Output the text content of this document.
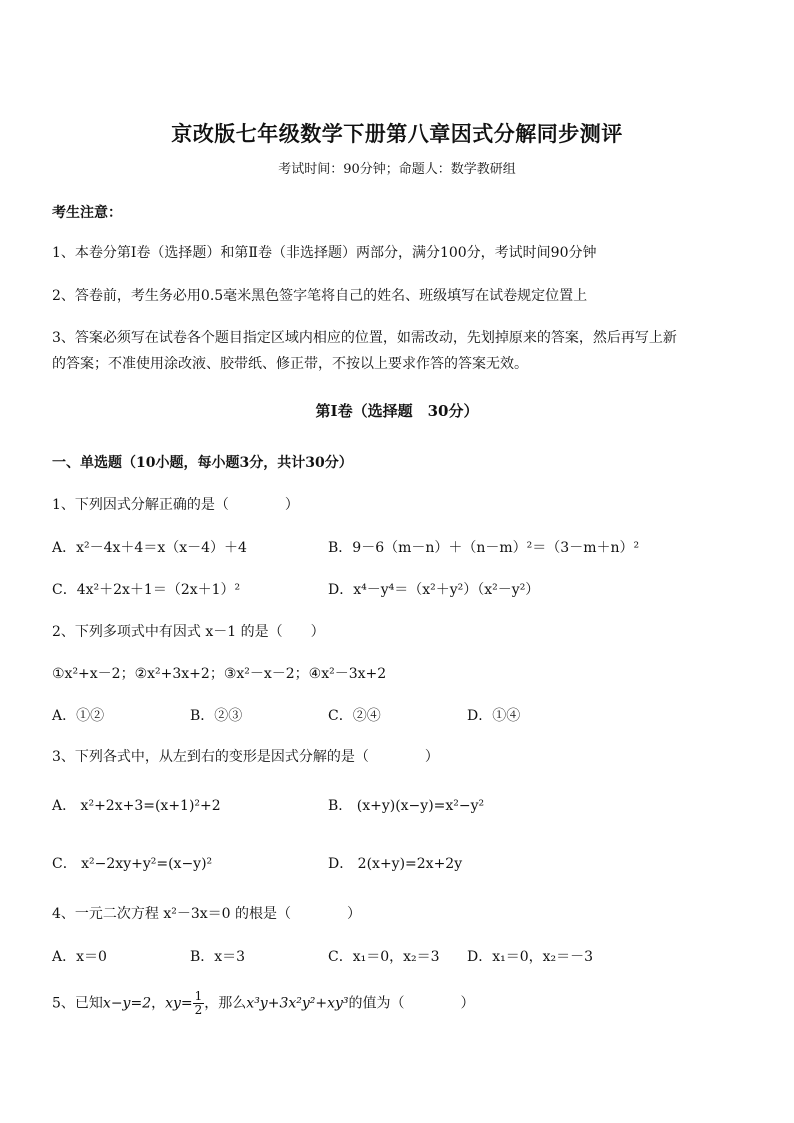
京改版七年级数学下册第八章因式分解同步测评
考试时间：90分钟；命题人：数学教研组
考生注意：
1、本卷分第Ⅰ卷（选择题）和第Ⅱ卷（非选择题）两部分，满分100分，考试时间90分钟
2、答卷前，考生务必用0.5毫米黑色签字笔将自己的姓名、班级填写在试卷规定位置上
3、答案必须写在试卷各个题目指定区域内相应的位置，如需改动，先划掉原来的答案，然后再写上新
的答案；不准使用涂改液、胶带纸、修正带，不按以上要求作答的答案无效。
第Ⅰ卷（选择题　30分）
一、单选题（10小题，每小题3分，共计30分）
1、下列因式分解正确的是（　　　　）
A．x²－4x＋4＝x（x－4）＋4	B．9－6（m－n）＋（n－m）²＝（3－m＋n）²
C．4x²＋2x＋1＝（2x＋1）²	D．x⁴－y⁴＝（x²＋y²）（x²－y²）
2、下列多项式中有因式 x－1 的是（　　）
①x²+x－2；②x²+3x+2；③x²－x－2；④x²－3x+2
A．①②	B．②③	C．②④	D．①④
3、下列各式中，从左到右的变形是因式分解的是（　　　　）
A． x²+2x+3=(x+1)²+2	B． (x+y)(x−y)=x²−y²
C． x²−2xy+y²=(x−y)²	D． 2(x+y)=2x+2y
4、一元二次方程 x²－3x＝0 的根是（　　　　）
A．x＝0	B．x＝3	C．x₁＝0，x₂＝3 D．x₁＝0，x₂＝－3
5、已知x−y=2，$xy= \frac{1}{2}$ ，那么x³y+3x²y²+xy³的值为（　　　　）
